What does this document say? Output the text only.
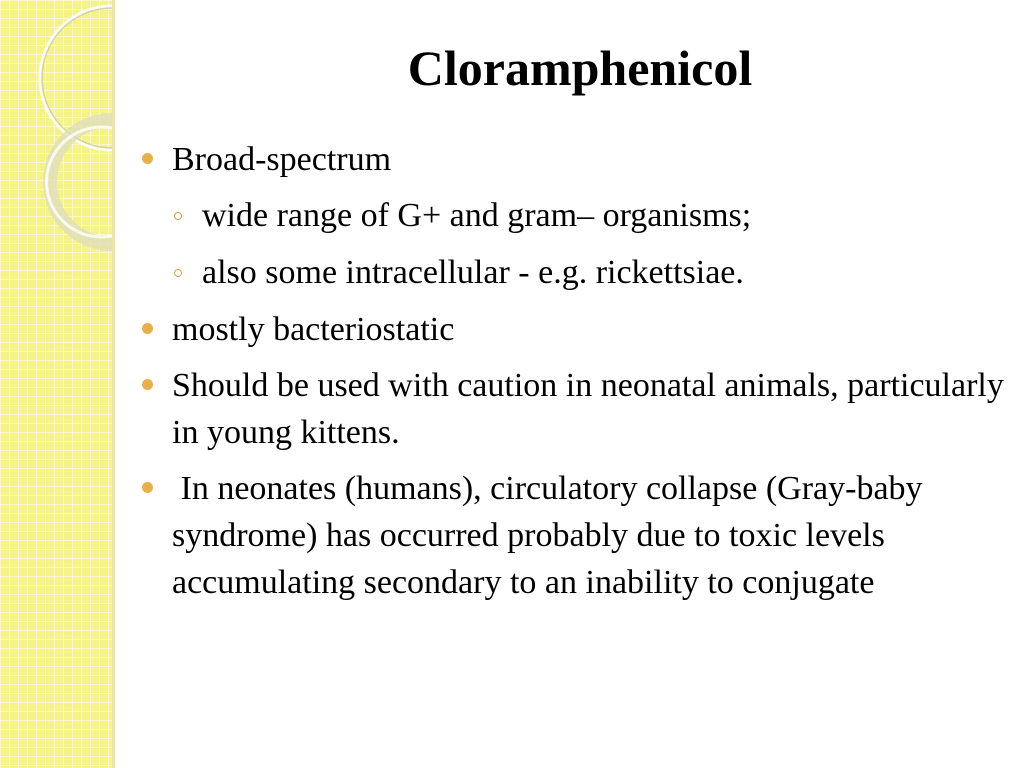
Cloramphenicol
Broad-spectrum
wide range of G+ and gram– organisms;
also some intracellular - e.g. rickettsiae.
mostly bacteriostatic
Should be used with caution in neonatal animals, particularly in young kittens.
In neonates (humans), circulatory collapse (Gray-baby syndrome) has occurred probably due to toxic levels accumulating secondary to an inability to conjugate
